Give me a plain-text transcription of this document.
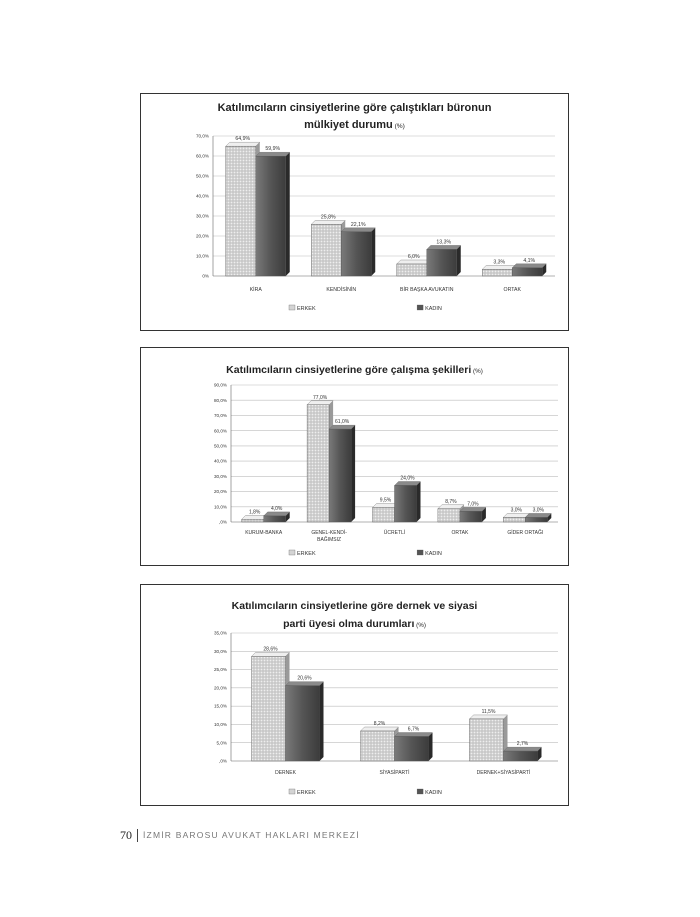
Katılımcıların cinsiyetlerine göre çalıştıkları büronun
mülkiyet durumu (%)
0%
10,0%
20,0%
30,0%
40,0%
50,0%
60,0%
70,0%
64,9%
59,9%
KİRA
25,8%
22,1%
KENDİSİNİN
6,0%
13,3%
BİR BAŞKA AVUKATIN
3,3%	4,1%
ORTAK
ERKEK	KADIN
Katılımcıların cinsiyetlerine göre çalışma şekilleri (%)
,0%
10,0%
20,0%
30,0%
40,0%
50,0%
60,0%
70,0%
80,0%
90,0%
1,8%
4,0%
KURUM-BANKA
77,0%
61,0%
GENEL-KENDİ-
BAĞIMSIZ
9,5%
24,0%
ÜCRETLİ
8,7% 7,0%
ORTAK
3,0% 3,0%
GİDER ORTAĞI
ERKEK	KADIN
Katılımcıların cinsiyetlerine göre dernek ve siyasi
parti üyesi olma durumları (%)
,0%
5,0%
10,0%
15,0%
20,0%
25,0%
30,0%
35,0%
28,6%
20,6%
DERNEK
8,2%
6,7%
SİYASİPARTİ
11,5%
2,7%
DERNEK+SİYASİPARTİ
ERKEK	KADIN
70 İZMİR BAROSU AVUKAT HAKLARI MERKEZİ
